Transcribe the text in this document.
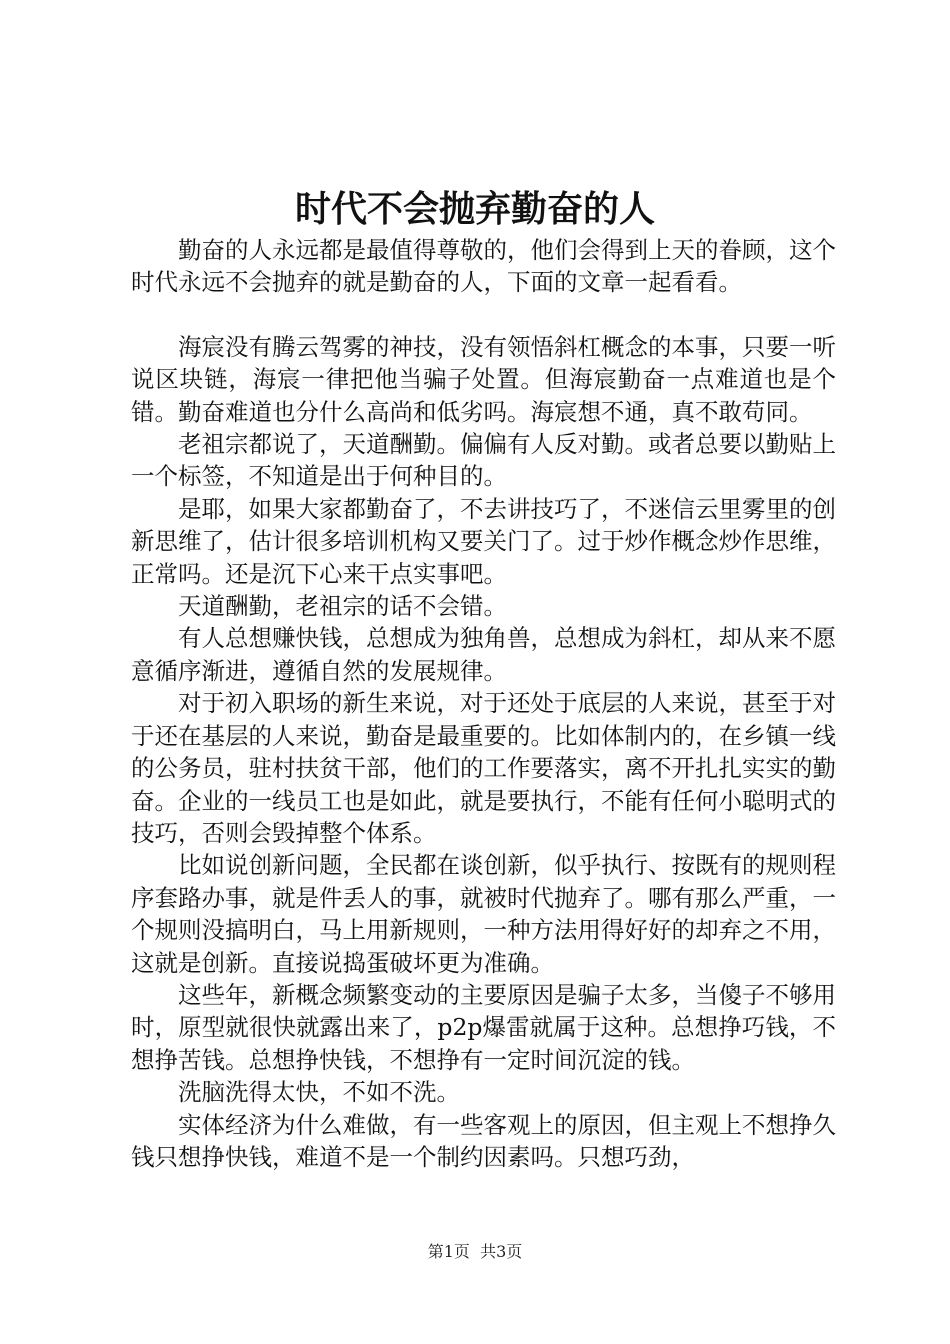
时代不会抛弃勤奋的人

勤奋的人永远都是最值得尊敬的，他们会得到上天的眷顾，这个时代永远不会抛弃的就是勤奋的人，下面的文章一起看看。

海宸没有腾云驾雾的神技，没有领悟斜杠概念的本事，只要一听说区块链，海宸一律把他当骗子处置。但海宸勤奋一点难道也是个错。勤奋难道也分什么高尚和低劣吗。海宸想不通，真不敢苟同。

老祖宗都说了，天道酬勤。偏偏有人反对勤。或者总要以勤贴上一个标签，不知道是出于何种目的。

是耶，如果大家都勤奋了，不去讲技巧了，不迷信云里雾里的创新思维了，估计很多培训机构又要关门了。过于炒作概念炒作思维，正常吗。还是沉下心来干点实事吧。

天道酬勤，老祖宗的话不会错。

有人总想赚快钱，总想成为独角兽，总想成为斜杠，却从来不愿意循序渐进，遵循自然的发展规律。

对于初入职场的新生来说，对于还处于底层的人来说，甚至于对于还在基层的人来说，勤奋是最重要的。比如体制内的，在乡镇一线的公务员，驻村扶贫干部，他们的工作要落实，离不开扎扎实实的勤奋。企业的一线员工也是如此，就是要执行，不能有任何小聪明式的技巧，否则会毁掉整个体系。

比如说创新问题，全民都在谈创新，似乎执行、按既有的规则程序套路办事，就是件丢人的事，就被时代抛弃了。哪有那么严重，一个规则没搞明白，马上用新规则，一种方法用得好好的却弃之不用，这就是创新。直接说捣蛋破坏更为准确。

这些年，新概念频繁变动的主要原因是骗子太多，当傻子不够用时，原型就很快就露出来了，p2p爆雷就属于这种。总想挣巧钱，不想挣苦钱。总想挣快钱，不想挣有一定时间沉淀的钱。

洗脑洗得太快，不如不洗。

实体经济为什么难做，有一些客观上的原因，但主观上不想挣久钱只想挣快钱，难道不是一个制约因素吗。只想巧劲，

第1页  共3页
